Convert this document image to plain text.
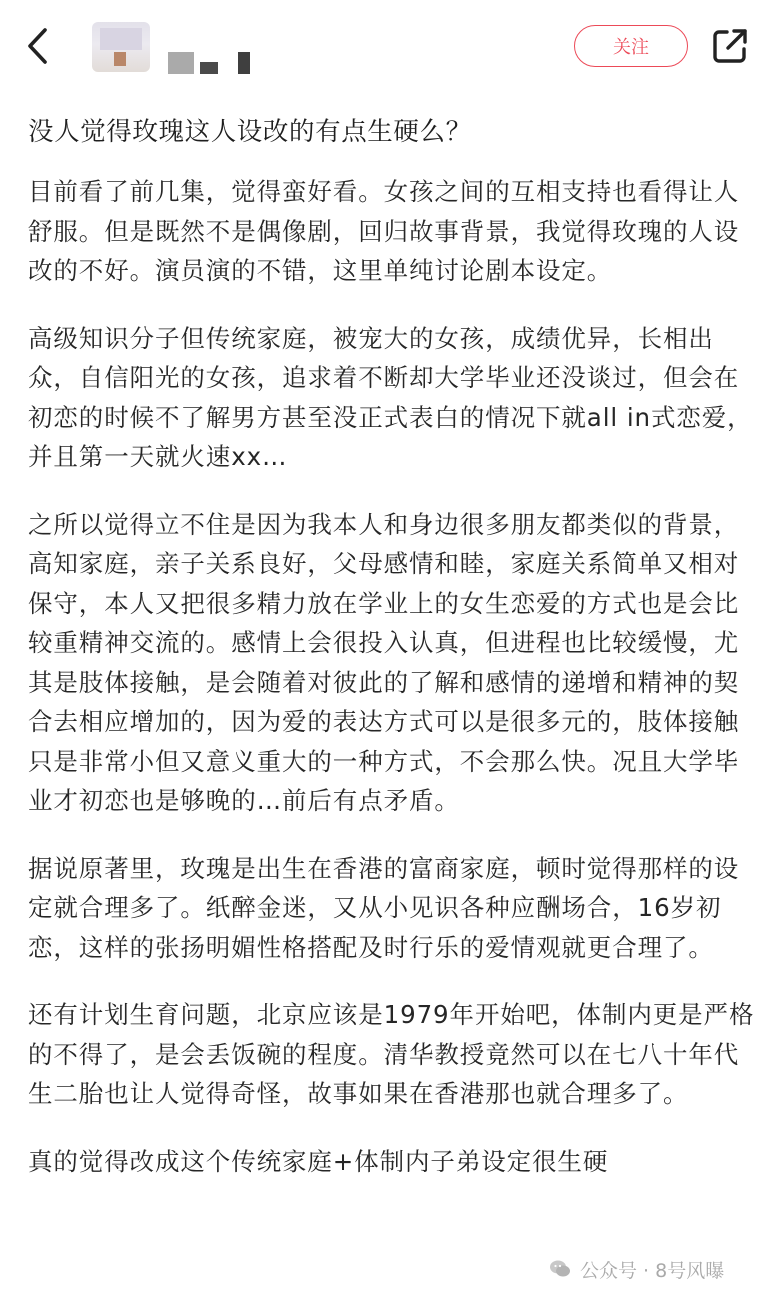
关注
没人觉得玫瑰这人设改的有点生硬么？

目前看了前几集，觉得蛮好看。女孩之间的互相支持也看得让人舒服。但是既然不是偶像剧，回归故事背景，我觉得玫瑰的人设改的不好。演员演的不错，这里单纯讨论剧本设定。

高级知识分子但传统家庭，被宠大的女孩，成绩优异，长相出众，自信阳光的女孩，追求着不断却大学毕业还没谈过，但会在初恋的时候不了解男方甚至没正式表白的情况下就all in式恋爱，并且第一天就火速xx…

之所以觉得立不住是因为我本人和身边很多朋友都类似的背景，高知家庭，亲子关系良好，父母感情和睦，家庭关系简单又相对保守，本人又把很多精力放在学业上的女生恋爱的方式也是会比较重精神交流的。感情上会很投入认真，但进程也比较缓慢，尤其是肢体接触，是会随着对彼此的了解和感情的递增和精神的契合去相应增加的，因为爱的表达方式可以是很多元的，肢体接触只是非常小但又意义重大的一种方式，不会那么快。况且大学毕业才初恋也是够晚的…前后有点矛盾。

据说原著里，玫瑰是出生在香港的富商家庭，顿时觉得那样的设定就合理多了。纸醉金迷，又从小见识各种应酬场合，16岁初恋，这样的张扬明媚性格搭配及时行乐的爱情观就更合理了。

还有计划生育问题，北京应该是1979年开始吧，体制内更是严格的不得了，是会丢饭碗的程度。清华教授竟然可以在七八十年代生二胎也让人觉得奇怪，故事如果在香港那也就合理多了。

真的觉得改成这个传统家庭+体制内子弟设定很生硬
公众号 · 8号风曝
